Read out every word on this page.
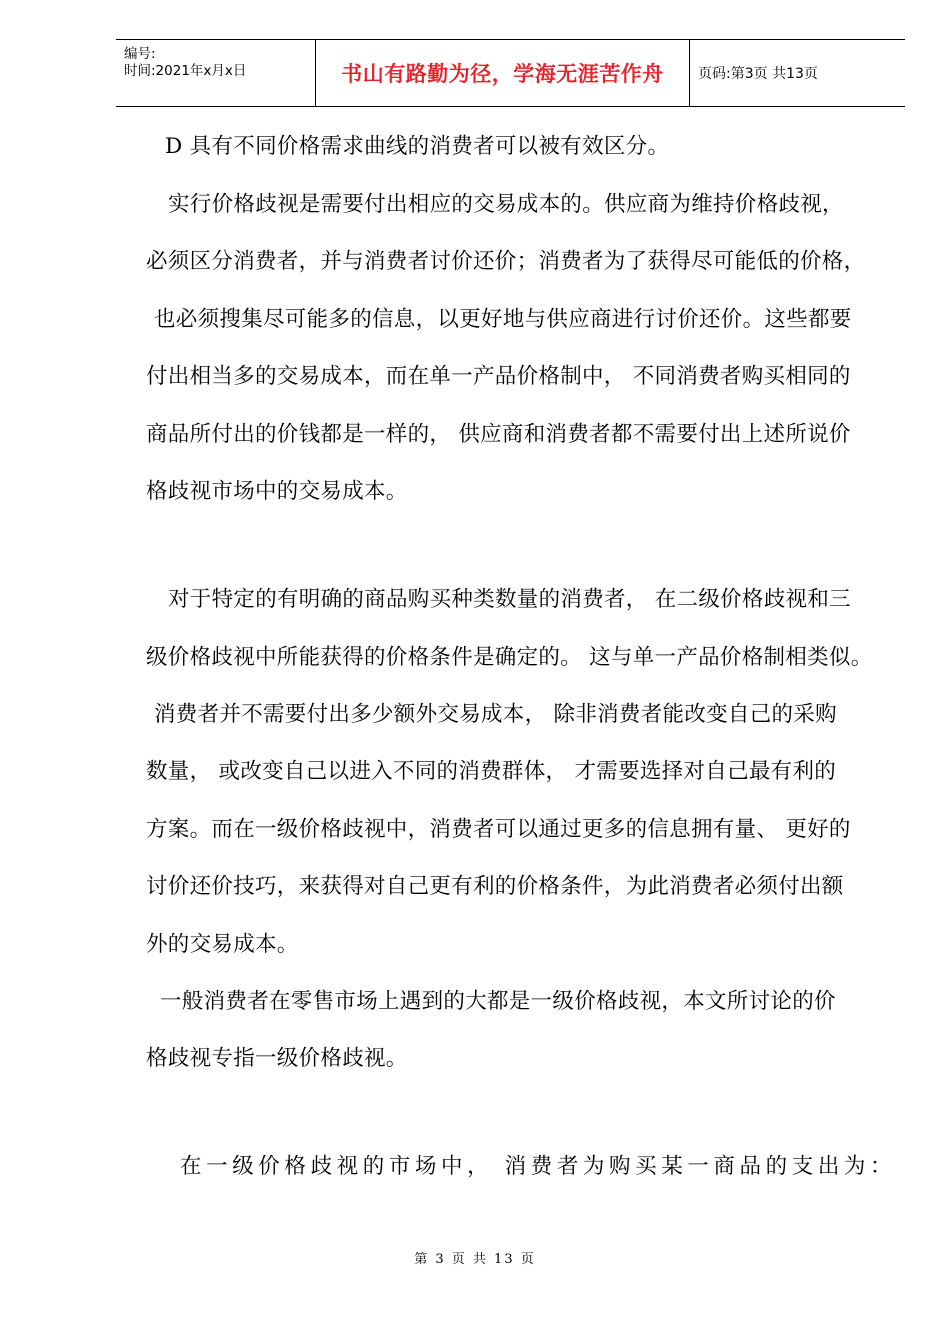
编号:
时间:2021年x月x日	书山有路勤为径，学海无涯苦作舟	页码:第3页 共13页
D 具有不同价格需求曲线的消费者可以被有效区分。
实行价格歧视是需要付出相应的交易成本的。供应商为维持价格歧视，
必须区分消费者，并与消费者讨价还价；消费者为了获得尽可能低的价格，
也必须搜集尽可能多的信息，以更好地与供应商进行讨价还价。这些都要
付出相当多的交易成本，而在单一产品价格制中， 不同消费者购买相同的
商品所付出的价钱都是一样的， 供应商和消费者都不需要付出上述所说价
格歧视市场中的交易成本。
对于特定的有明确的商品购买种类数量的消费者， 在二级价格歧视和三
级价格歧视中所能获得的价格条件是确定的。 这与单一产品价格制相类似。
消费者并不需要付出多少额外交易成本， 除非消费者能改变自己的采购
数量， 或改变自己以进入不同的消费群体， 才需要选择对自己最有利的
方案。而在一级价格歧视中，消费者可以通过更多的信息拥有量、 更好的
讨价还价技巧，来获得对自己更有利的价格条件，为此消费者必须付出额
外的交易成本。
一般消费者在零售市场上遇到的大都是一级价格歧视，本文所讨论的价
格歧视专指一级价格歧视。
在一级价格歧视的市场中， 消费者为购买某一商品的支出为：
第 3 页 共 13 页
